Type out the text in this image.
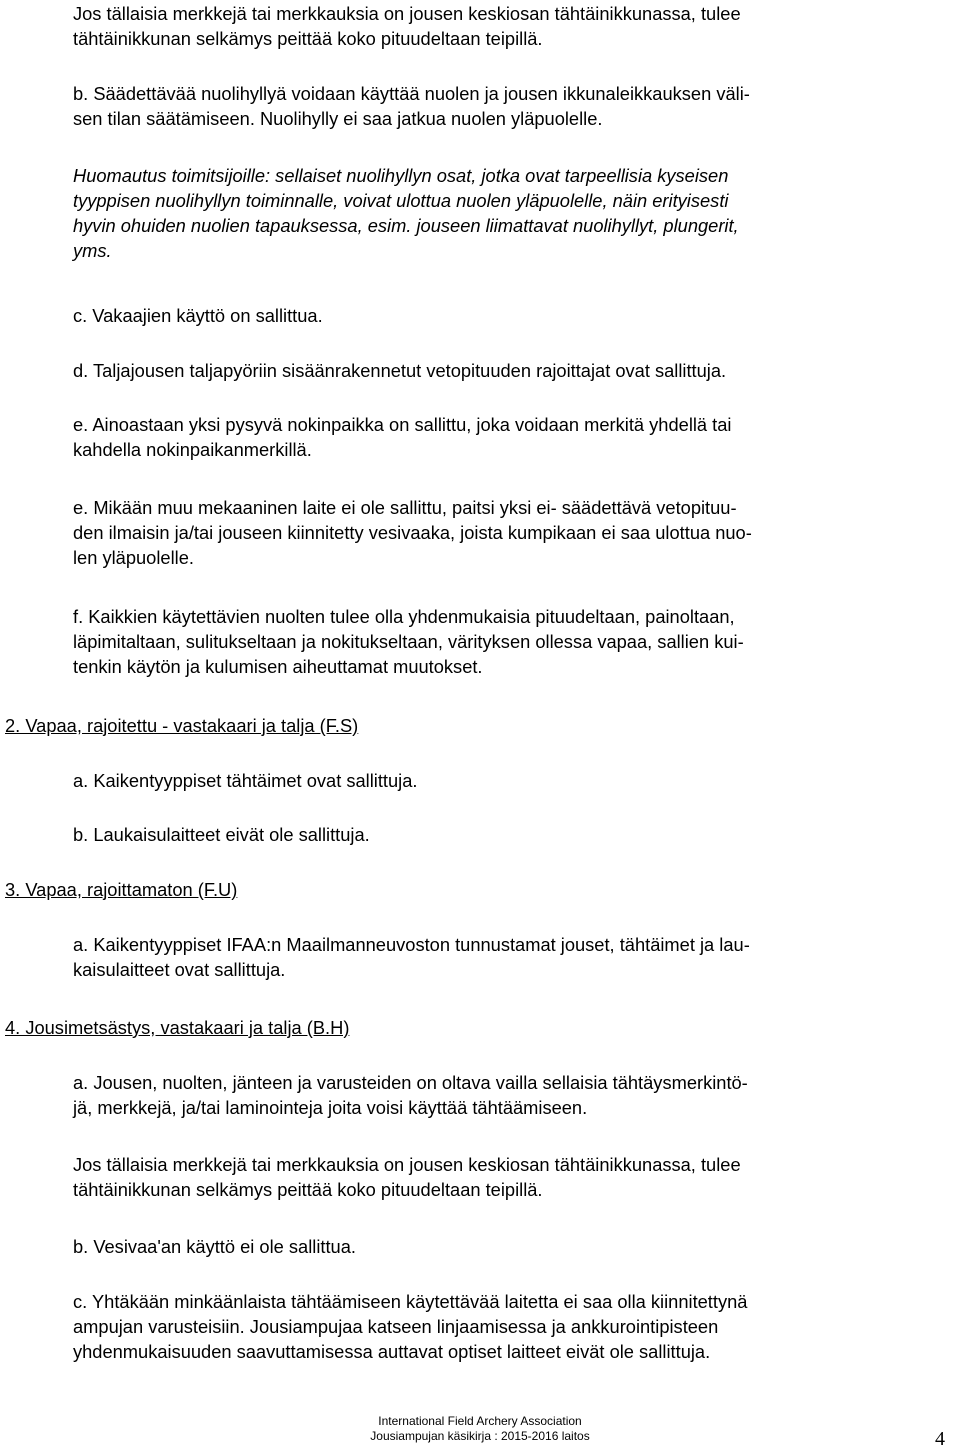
Jos tällaisia merkkejä tai merkkauksia on jousen keskiosan tähtäinikkunassa, tulee
tähtäinikkunan selkämys peittää koko pituudeltaan teipillä.
b. Säädettävää nuolihyllyä voidaan käyttää nuolen ja jousen ikkunaleikkauksen väli-
sen tilan säätämiseen. Nuolihylly ei saa jatkua nuolen yläpuolelle.
Huomautus toimitsijoille: sellaiset nuolihyllyn osat, jotka ovat tarpeellisia kyseisen
tyyppisen nuolihyllyn toiminnalle, voivat ulottua nuolen yläpuolelle, näin erityisesti
hyvin ohuiden nuolien tapauksessa, esim. jouseen liimattavat nuolihyllyt, plungerit,
yms.
c. Vakaajien käyttö on sallittua.
d. Taljajousen taljapyöriin sisäänrakennetut vetopituuden rajoittajat ovat sallittuja.
e. Ainoastaan yksi pysyvä nokinpaikka on sallittu, joka voidaan merkitä yhdellä tai
kahdella nokinpaikanmerkillä.
e. Mikään muu mekaaninen laite ei ole sallittu, paitsi yksi ei- säädettävä vetopituu-
den ilmaisin ja/tai jouseen kiinnitetty vesivaaka, joista kumpikaan ei saa ulottua nuo-
len yläpuolelle.
f. Kaikkien käytettävien nuolten tulee olla yhdenmukaisia pituudeltaan, painoltaan,
läpimitaltaan, sulitukseltaan ja nokitukseltaan, värityksen ollessa vapaa, sallien kui-
tenkin käytön ja kulumisen aiheuttamat muutokset.
2. Vapaa, rajoitettu - vastakaari ja talja (F.S)
a. Kaikentyyppiset tähtäimet ovat sallittuja.
b. Laukaisulaitteet eivät ole sallittuja.
3. Vapaa, rajoittamaton (F.U)
a. Kaikentyyppiset IFAA:n Maailmanneuvoston tunnustamat jouset, tähtäimet ja lau-
kaisulaitteet ovat sallittuja.
4. Jousimetsästys, vastakaari ja talja (B.H)
a. Jousen, nuolten, jänteen ja varusteiden on oltava vailla sellaisia tähtäysmerkintö-
jä, merkkejä, ja/tai laminointeja joita voisi käyttää tähtäämiseen.
Jos tällaisia merkkejä tai merkkauksia on jousen keskiosan tähtäinikkunassa, tulee
tähtäinikkunan selkämys peittää koko pituudeltaan teipillä.
b. Vesivaa'an käyttö ei ole sallittua.
c. Yhtäkään minkäänlaista tähtäämiseen käytettävää laitetta ei saa olla kiinnitettynä
ampujan varusteisiin. Jousiampujaa katseen linjaamisessa ja ankkurointipisteen
yhdenmukaisuuden saavuttamisessa auttavat optiset laitteet eivät ole sallittuja.
International Field Archery Association
Jousiampujan käsikirja : 2015-2016 laitos	4
